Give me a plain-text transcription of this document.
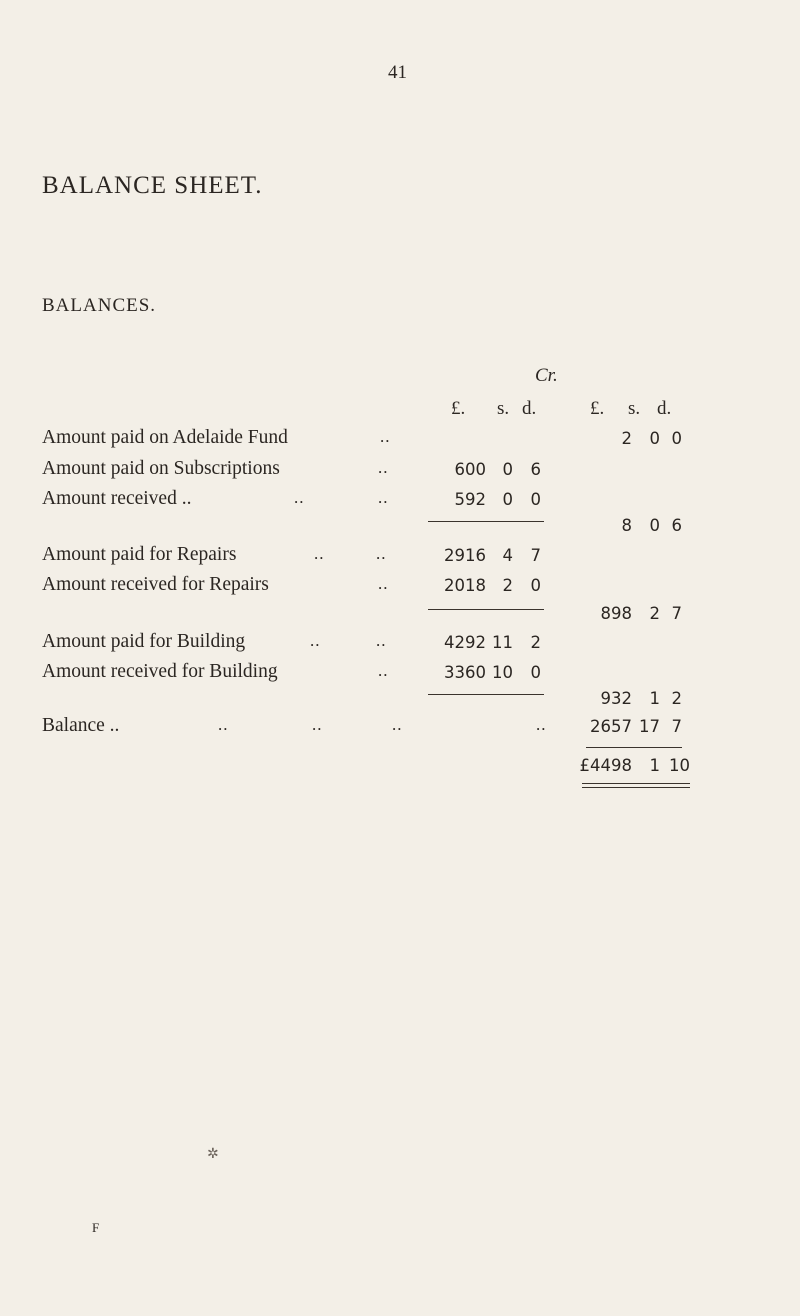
41
BALANCE SHEET.
BALANCES.
Cr.
£. s. d.	£. s. d.
Amount paid on Adelaide Fund	..	2	0 0
Amount paid on Subscriptions	..	600	0	6
Amount received ..	..	..	592	0	0
8	0 6
Amount paid for Repairs	..	..	2916	4	7
Amount received for Repairs	..	2018	2	0
898	2 7
Amount paid for Building	..	..	4292 11	2
Amount received for Building	..	3360 10	0
932	1 2
Balance ..	..	..	..	..	2657 17 7
£4498	1 10
✲
F
